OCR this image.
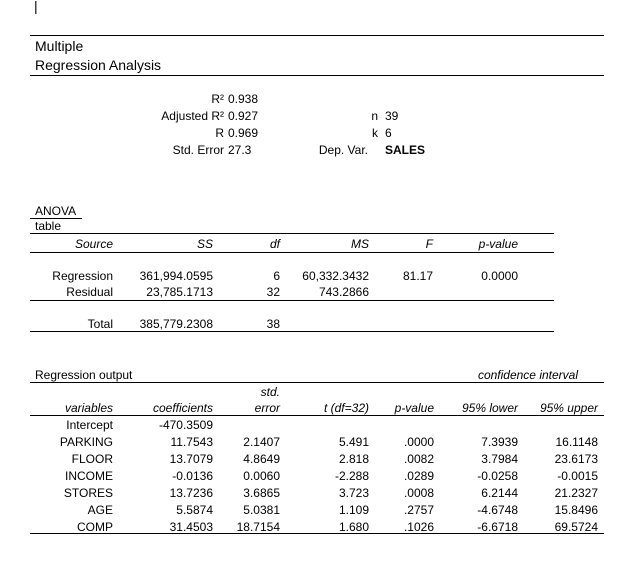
|
Multiple
Regression Analysis
R² 0.938
Adjusted R² 0.927
R 0.969
Std. Error 27.3
n 39
k 6
Dep. Var. SALES
ANOVA
table
Source	SS	df	MS	F	p-value
Regression	361,994.0595	6	60,332.3432	81.17	0.0000
Residual	23,785.1713	32	743.2866
Total	385,779.2308	38
Regression output	confidence interval
std.
variables	coefficients	error	t (df=32)	p-value	95% lower	95% upper
Intercept	-470.3509
PARKING	11.7543	2.1407	5.491	.0000	7.3939	16.1148
FLOOR	13.7079	4.8649	2.818	.0082	3.7984	23.6173
INCOME	-0.0136	0.0060	-2.288	.0289	-0.0258	-0.0015
STORES	13.7236	3.6865	3.723	.0008	6.2144	21.2327
AGE	5.5874	5.0381	1.109	.2757	-4.6748	15.8496
COMP	31.4503	18.7154	1.680	.1026	-6.6718	69.5724
